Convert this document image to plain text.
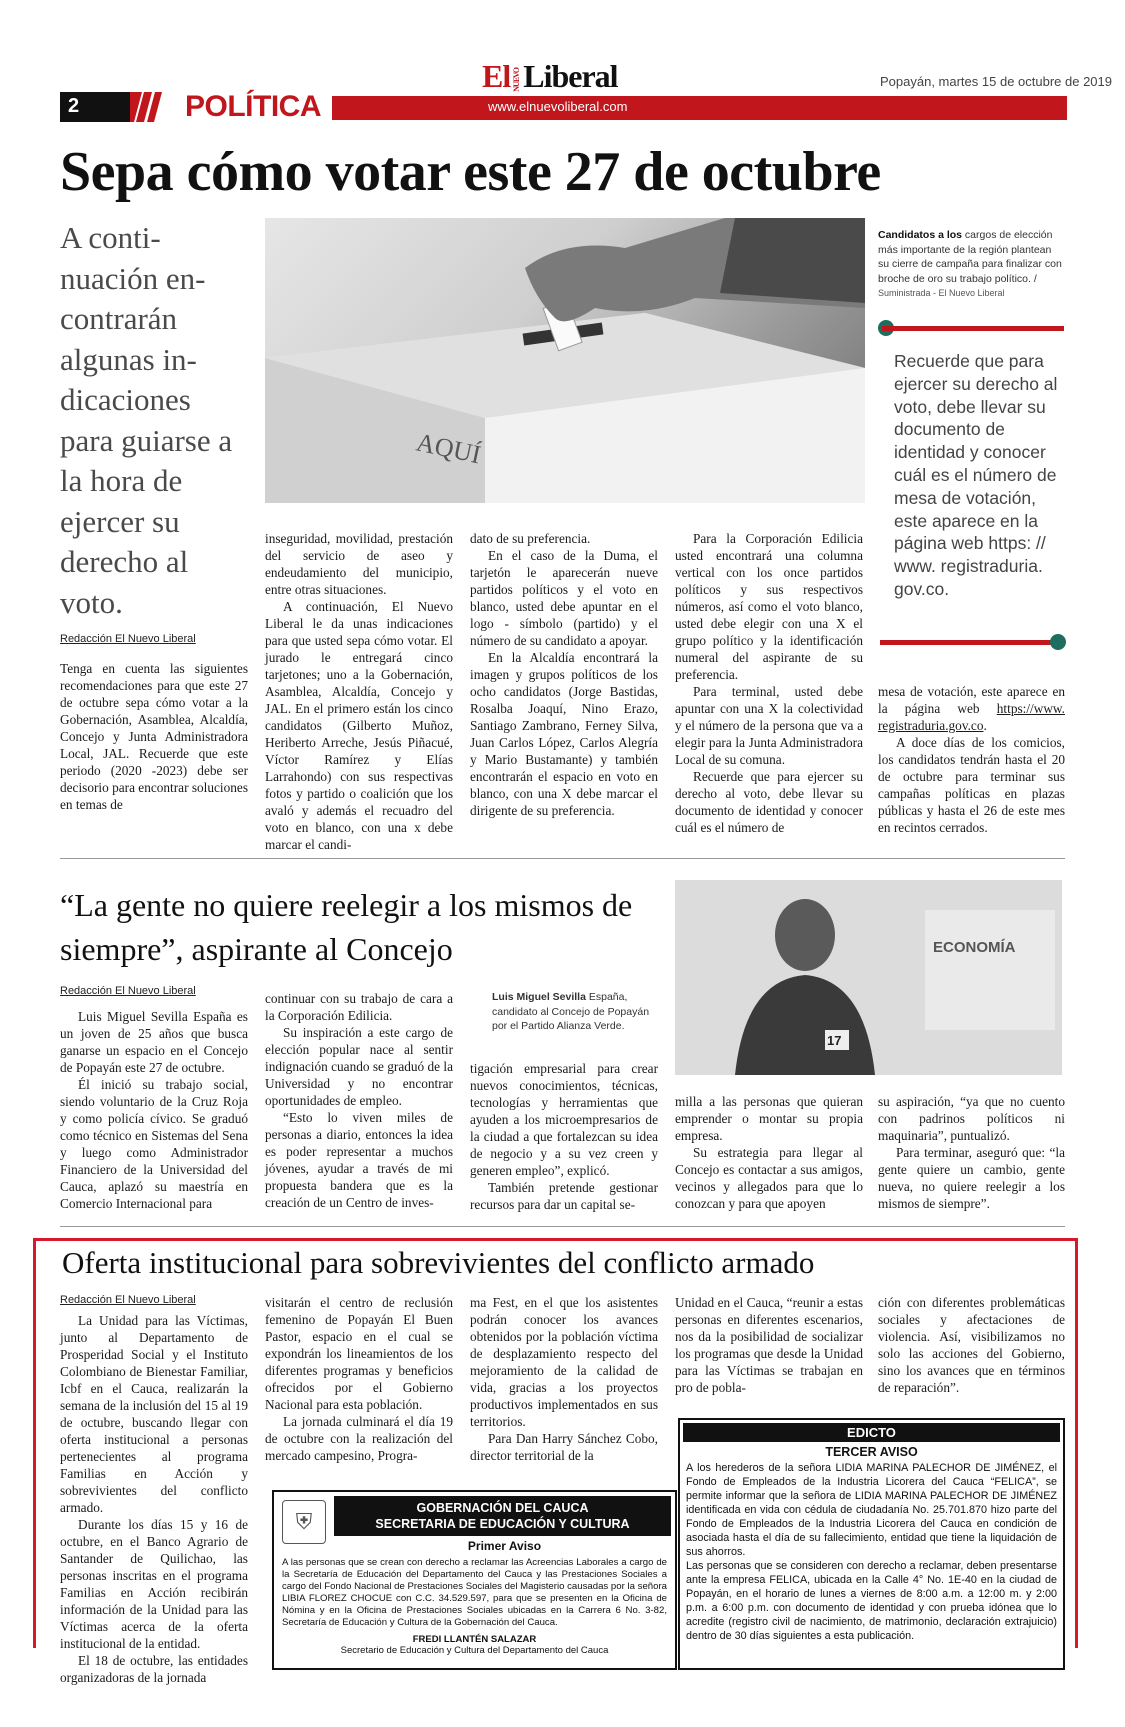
2	POLÍTICA	www.elnuevoliberal.com
El NUEVOLiberal	Popayán, martes 15 de octubre de 2019
Sepa cómo votar este 27 de octubre
A conti-nuación en-contrarán algunas in-dicaciones para guiarse a la hora de ejercer su derecho al voto.
Redacción El Nuevo Liberal
AQUÍ
Candidatos a los cargos de elección más importante de la región plantean su cierre de campaña para finalizar con broche de oro su trabajo político. / Suministrada - El Nuevo Liberal
Recuerde que para ejercer su derecho al voto, debe llevar su documento de identidad y conocer cuál es el número de mesa de votación, este aparece en la página web https: // www. registraduria. gov.co.

Tenga en cuenta las siguientes recomendaciones para que este 27 de octubre sepa cómo votar a la Gobernación, Asamblea, Alcaldía, Concejo y Junta Administradora Local, JAL. Recuerde que este periodo (2020 -2023) debe ser decisorio para encontrar soluciones en temas de

inseguridad, movilidad, prestación del servicio de aseo y endeudamiento del municipio, entre otras situaciones.

A continuación, El Nuevo Liberal le da unas indicaciones para que usted sepa cómo votar. El jurado le entregará cinco tarjetones; uno a la Gobernación, Asamblea, Alcaldía, Concejo y JAL. En el primero están los cinco candidatos (Gilberto Muñoz, Heriberto Arreche, Jesús Piñacué, Víctor Ramírez y Elías Larrahondo) con sus respectivas fotos y partido o coalición que los avaló y además el recuadro del voto en blanco, con una x debe marcar el candi-

dato de su preferencia.

En el caso de la Duma, el tarjetón le aparecerán nueve partidos políticos y el voto en blanco, usted debe apuntar en el logo - símbolo (partido) y el número de su candidato a apoyar.

En la Alcaldía encontrará la imagen y grupos políticos de los ocho candidatos (Jorge Bastidas, Rosalba Joaquí, Nino Erazo, Santiago Zambrano, Ferney Silva, Juan Carlos López, Carlos Alegría y Mario Bustamante) y también encontrarán el espacio en voto en blanco, con una X debe marcar el dirigente de su preferencia.

Para la Corporación Edilicia usted encontrará una columna vertical con los once partidos políticos y sus respectivos números, así como el voto blanco, usted debe elegir con una X el grupo político y la identificación numeral del aspirante de su preferencia.

Para terminal, usted debe apuntar con una X la colectividad y el número de la persona que va a elegir para la Junta Administradora Local de su comuna.

Recuerde que para ejercer su derecho al voto, debe llevar su documento de identidad y conocer cuál es el número de

mesa de votación, este aparece en la página web https://www. registraduria.gov.co.

A doce días de los comicios, los candidatos tendrán hasta el 20 de octubre para terminar sus campañas políticas en plazas públicas y hasta el 26 de este mes en recintos cerrados.

“La gente no quiere reelegir a los mismos de siempre”, aspirante al Concejo
Redacción El Nuevo Liberal
ECONOMÍA
17
Luis Miguel Sevilla España, candidato al Concejo de Popayán por el Partido Alianza Verde.

Luis Miguel Sevilla España es un joven de 25 años que busca ganarse un espacio en el Concejo de Popayán este 27 de octubre.

Él inició su trabajo social, siendo voluntario de la Cruz Roja y como policía cívico. Se graduó como técnico en Sistemas del Sena y luego como Administrador Financiero de la Universidad del Cauca, aplazó su maestría en Comercio Internacional para

continuar con su trabajo de cara a la Corporación Edilicia.

Su inspiración a este cargo de elección popular nace al sentir indignación cuando se graduó de la Universidad y no encontrar oportunidades de empleo.

“Esto lo viven miles de personas a diario, entonces la idea es poder representar a muchos jóvenes, ayudar a través de mi propuesta bandera que es la creación de un Centro de inves-

tigación empresarial para crear nuevos conocimientos, técnicas, tecnologías y herramientas que ayuden a los microempresarios de la ciudad a que fortalezcan su idea de negocio y a su vez creen y generen empleo”, explicó.

También pretende gestionar recursos para dar un capital se-

milla a las personas que quieran emprender o montar su propia empresa.

Su estrategia para llegar al Concejo es contactar a sus amigos, vecinos y allegados para que lo conozcan y para que apoyen

su aspiración, “ya que no cuento con padrinos políticos ni maquinaria”, puntualizó.

Para terminar, aseguró que: “la gente quiere un cambio, gente nueva, no quiere reelegir a los mismos de siempre”.

Oferta institucional para sobrevivientes del conflicto armado
Redacción El Nuevo Liberal

La Unidad para las Víctimas, junto al Departamento de Prosperidad Social y el Instituto Colombiano de Bienestar Familiar, Icbf en el Cauca, realizarán la semana de la inclusión del 15 al 19 de octubre, buscando llegar con oferta institucional a personas pertenecientes al programa Familias en Acción y sobrevivientes del conflicto armado.

Durante los días 15 y 16 de octubre, en el Banco Agrario de Santander de Quilichao, las personas inscritas en el programa Familias en Acción recibirán información de la Unidad para las Víctimas acerca de la oferta institucional de la entidad.

El 18 de octubre, las entidades organizadoras de la jornada

visitarán el centro de reclusión femenino de Popayán El Buen Pastor, espacio en el cual se expondrán los lineamientos de los diferentes programas y beneficios ofrecidos por el Gobierno Nacional para esta población.

La jornada culminará el día 19 de octubre con la realización del mercado campesino, Progra-

ma Fest, en el que los asistentes podrán conocer los avances obtenidos por la población víctima de desplazamiento respecto del mejoramiento de la calidad de vida, gracias a los proyectos productivos implementados en sus territorios.

Para Dan Harry Sánchez Cobo, director territorial de la

Unidad en el Cauca, “reunir a estas personas en diferentes escenarios, nos da la posibilidad de socializar los programas que desde la Unidad para las Víctimas se trabajan en pro de pobla-

ción con diferentes problemáticas sociales y afectaciones de violencia. Así, visibilizamos no solo las acciones del Gobierno, sino los avances que en términos de reparación”.

⛨
GOBERNACIÓN DEL CAUCA
SECRETARIA DE EDUCACIÓN Y CULTURA
Primer Aviso
A las personas que se crean con derecho a reclamar las Acreencias Laborales a cargo de la Secretaría de Educación del Departamento del Cauca y las Prestaciones Sociales a cargo del Fondo Nacional de Prestaciones Sociales del Magisterio causadas por la señora LIBIA FLOREZ CHOCUE con C.C. 34.529.597, para que se presenten en la Oficina de Nómina y en la Oficina de Prestaciones Sociales ubicadas en la Carrera 6 No. 3-82, Secretaría de Educación y Cultura de la Gobernación del Cauca.
FREDI LLANTÉN SALAZAR
Secretario de Educación y Cultura del Departamento del Cauca
EDICTO
TERCER AVISO

A los herederos de la señora LIDIA MARINA PALECHOR DE JIMÉNEZ, el Fondo de Empleados de la Industria Licorera del Cauca “FELICA”, se permite informar que la señora de LIDIA MARINA PALECHOR DE JIMÉNEZ identificada en vida con cédula de ciudadanía No. 25.701.870 hizo parte del Fondo de Empleados de la Industria Licorera del Cauca en condición de asociada hasta el día de su fallecimiento, entidad que tiene la liquidación de sus ahorros.

Las personas que se consideren con derecho a reclamar, deben presentarse ante la empresa FELICA, ubicada en la Calle 4° No. 1E-40 en la ciudad de Popayán, en el horario de lunes a viernes de 8:00 a.m. a 12:00 m. y 2:00 p.m. a 6:00 p.m. con documento de identidad y con prueba idónea que lo acredite (registro civil de nacimiento, de matrimonio, declaración extrajuicio) dentro de 30 días siguientes a esta publicación.
